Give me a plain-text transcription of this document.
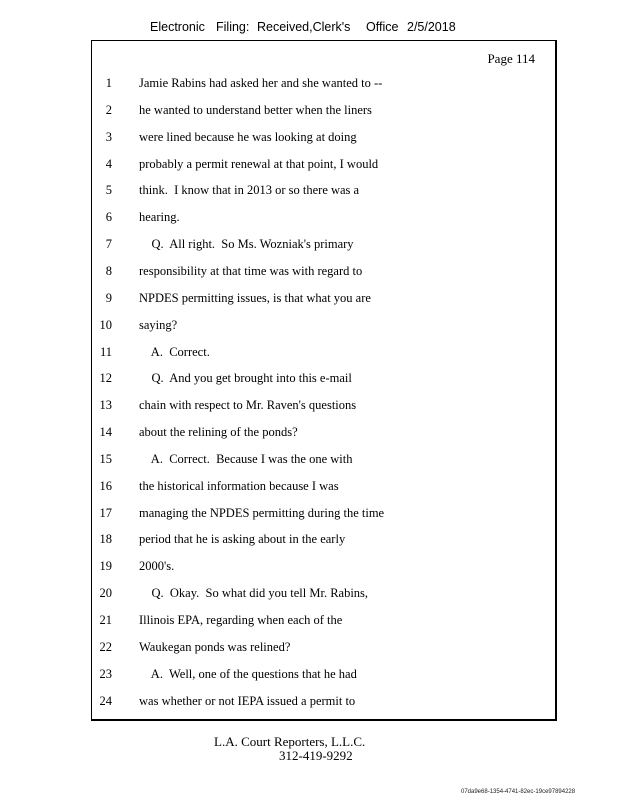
Electronic Filing: Received,Clerk's Office 2/5/2018
Page 114
1 Jamie Rabins had asked her and she wanted to --
2 he wanted to understand better when the liners
3 were lined because he was looking at doing
4 probably a permit renewal at that point, I would
5 think.  I know that in 2013 or so there was a
6 hearing.
7 Q.  All right.  So Ms. Wozniak's primary
8 responsibility at that time was with regard to
9 NPDES permitting issues, is that what you are
10 saying?
11 A.  Correct.
12 Q.  And you get brought into this e-mail
13 chain with respect to Mr. Raven's questions
14 about the relining of the ponds?
15 A.  Correct.  Because I was the one with
16 the historical information because I was
17 managing the NPDES permitting during the time
18 period that he is asking about in the early
19 2000's.
20 Q.  Okay.  So what did you tell Mr. Rabins,
21 Illinois EPA, regarding when each of the
22 Waukegan ponds was relined?
23 A.  Well, one of the questions that he had
24 was whether or not IEPA issued a permit to
L.A. Court Reporters, L.L.C.
312-419-9292
07da9e68-1354-4741-82ec-19ce97894228
